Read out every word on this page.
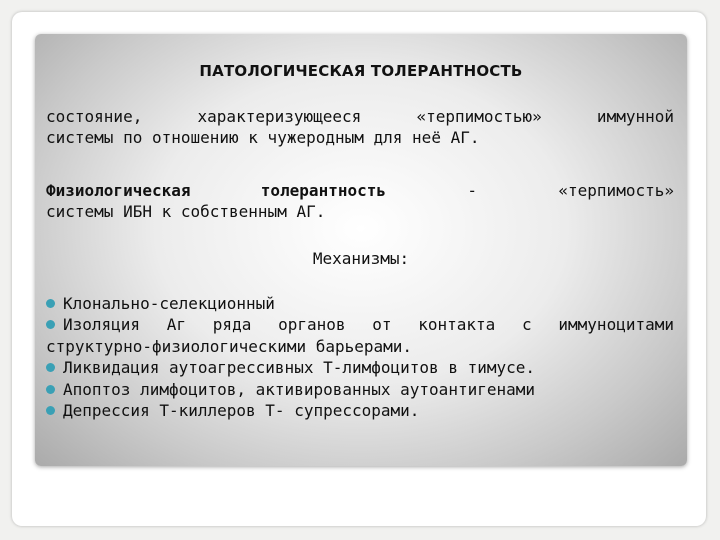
ПАТОЛОГИЧЕСКАЯ ТОЛЕРАНТНОСТЬ
состояние, характеризующееся «терпимостью» иммунной
системы по отношению к чужеродным для неё АГ.
Физиологическая	толерантность	-	«терпимость»
системы ИБН к собственным АГ.
Механизмы:
Клонально-селекционный
Изоляция Аг ряда органов от контакта с иммуноцитами
структурно-физиологическими барьерами.
Ликвидация аутоагрессивных Т-лимфоцитов в тимусе.
Апоптоз лимфоцитов, активированных аутоантигенами
Депрессия Т-киллеров Т- супрессорами.
